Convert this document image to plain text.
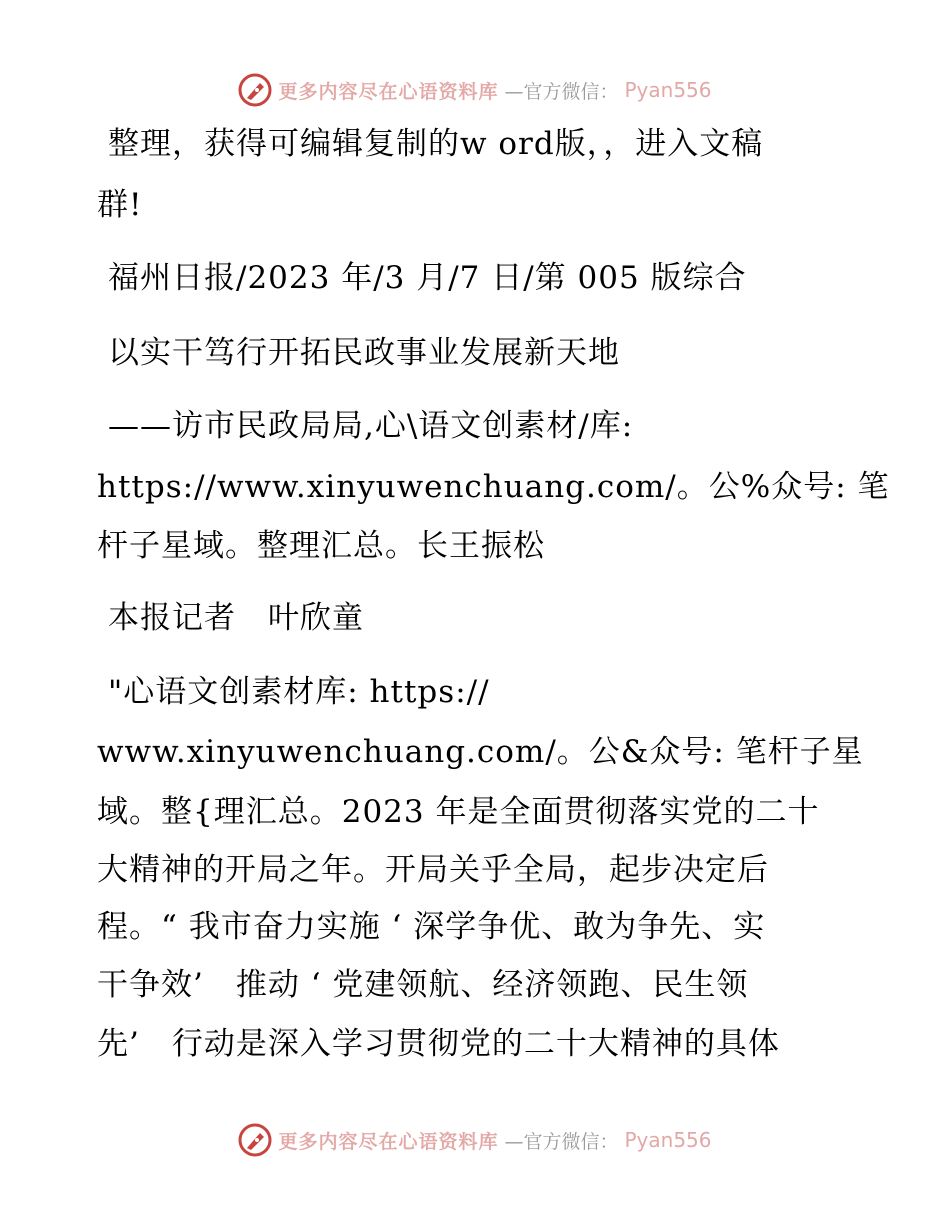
更多内容尽在心语资料库 —官方微信： Pyan556
整理，获得可编辑复制的w ord版，，进入文稿
群!
福州日报/2023 年/3 月/7 日/第 005 版综合
以实干笃行开拓民政事业发展新天地
——访市民政局局,心\语文创素材/库:
https://www.xinyuwenchuang.com/。公%众号: 笔
杆子星域。整理汇总。长王振松
本报记者　叶欣童
"心语文创素材库: https://
www.xinyuwenchuang.com/。公&众号: 笔杆子星
域。整{理汇总。2023 年是全面贯彻落实党的二十
大精神的开局之年。开局关乎全局，起步决定后
程。“ 我市奋力实施 ‘ 深学争优、敢为争先、实
干争效’　推动 ‘ 党建领航、经济领跑、民生领
先’　行动是深入学习贯彻党的二十大精神的具体
更多内容尽在心语资料库 —官方微信： Pyan556
